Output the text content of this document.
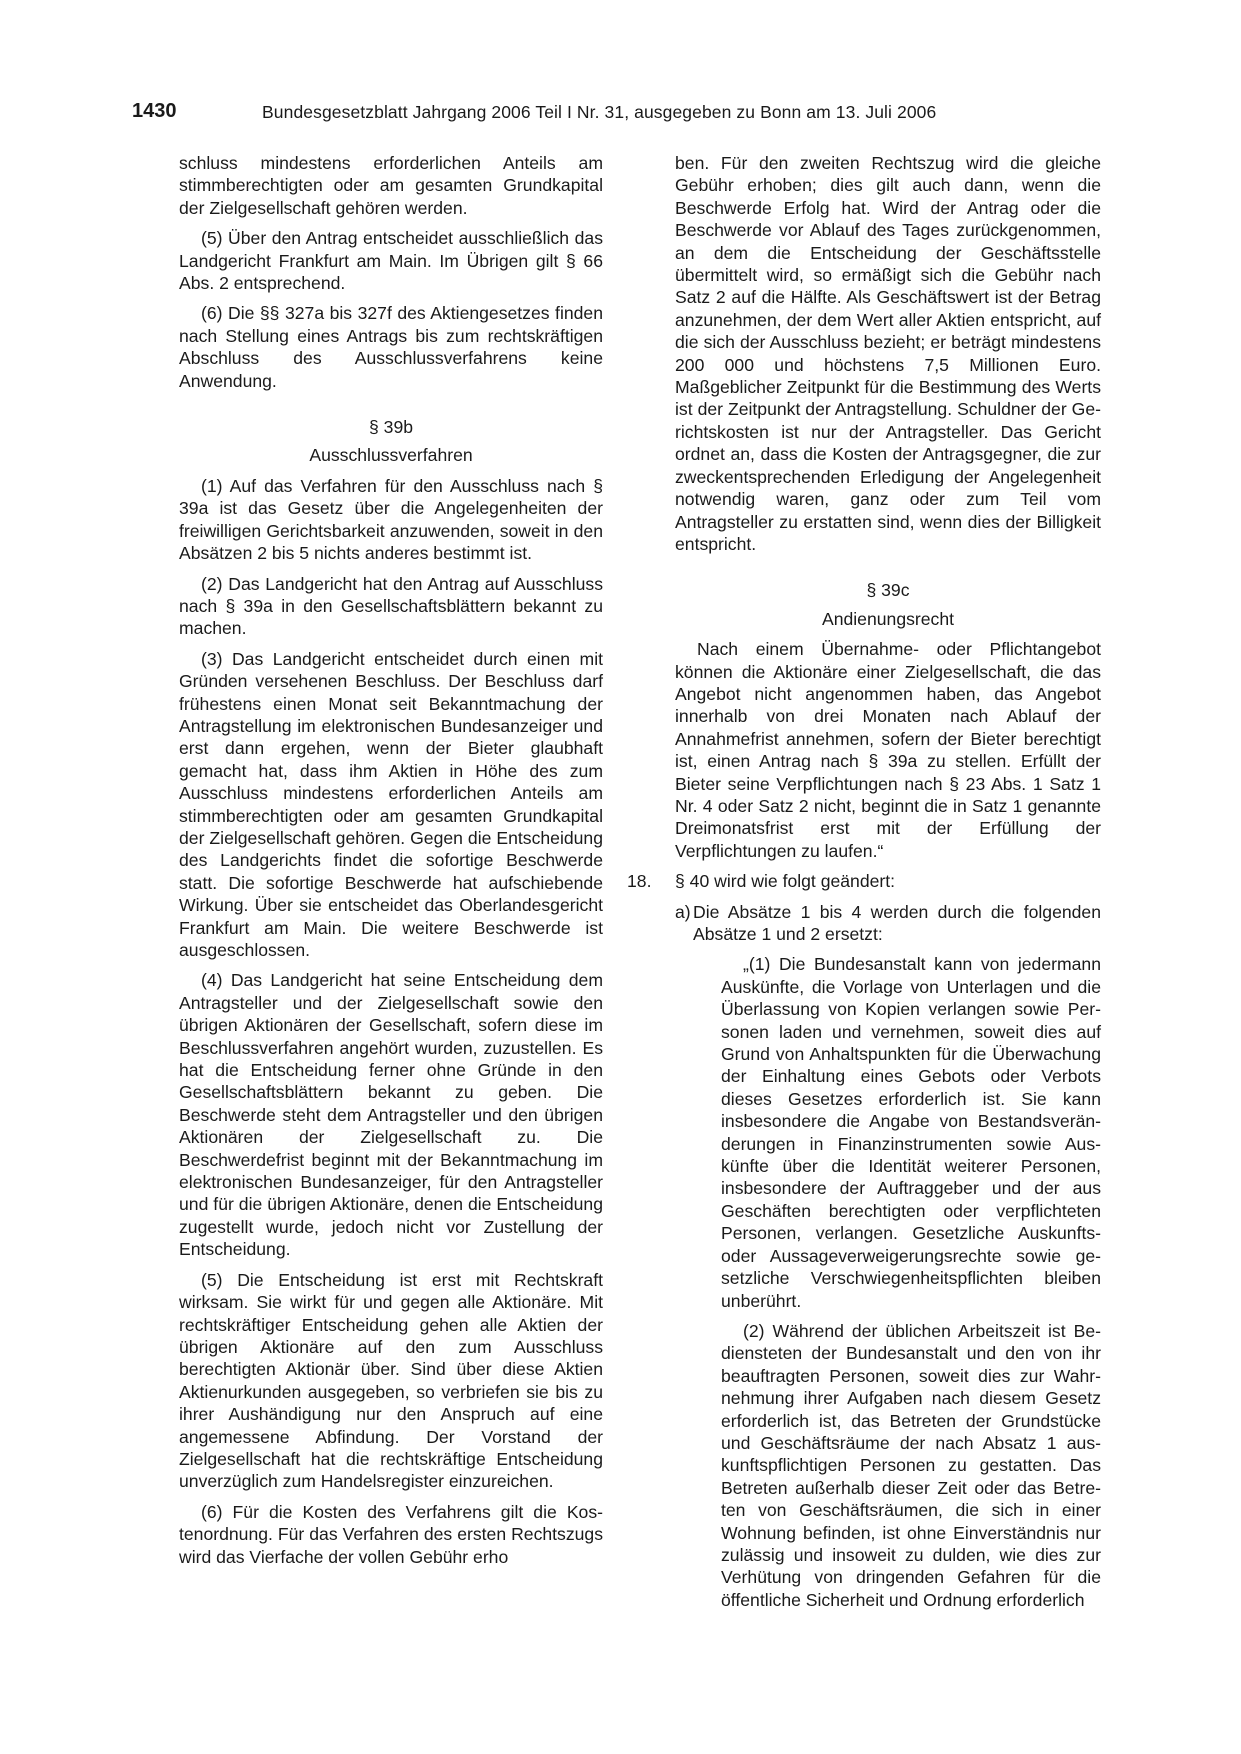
1430	Bundesgesetzblatt Jahrgang 2006 Teil I Nr. 31, ausgegeben zu Bonn am 13. Juli 2006

schluss mindestens erforderlichen Anteils am stimmberechtigten oder am gesamten Grundkapital der Zielgesellschaft gehören werden.

(5) Über den Antrag entscheidet ausschließlich das Landgericht Frankfurt am Main. Im Übrigen gilt § 66 Abs. 2 entsprechend.

(6) Die §§ 327a bis 327f des Aktiengesetzes finden nach Stellung eines Antrags bis zum rechtskräftigen Abschluss des Ausschlussverfahrens keine Anwendung.

§ 39b

Ausschlussverfahren

(1) Auf das Verfahren für den Ausschluss nach § 39a ist das Gesetz über die Angelegenheiten der freiwilligen Gerichtsbarkeit anzuwenden, soweit in den Absätzen 2 bis 5 nichts anderes bestimmt ist.

(2) Das Landgericht hat den Antrag auf Ausschluss nach § 39a in den Gesellschaftsblättern bekannt zu machen.

(3) Das Landgericht entscheidet durch einen mit Gründen versehenen Beschluss. Der Beschluss darf frühestens einen Monat seit Bekanntmachung der Antragstellung im elektronischen Bundesanzeiger und erst dann ergehen, wenn der Bieter glaubhaft gemacht hat, dass ihm Aktien in Höhe des zum Ausschluss mindestens erforderlichen Anteils am stimmberechtigten oder am gesamten Grundkapital der Zielgesellschaft gehören. Gegen die Entscheidung des Landgerichts findet die sofortige Beschwerde statt. Die sofortige Beschwerde hat aufschiebende Wirkung. Über sie entscheidet das Oberlandesgericht Frankfurt am Main. Die weitere Beschwerde ist ausgeschlossen.

(4) Das Landgericht hat seine Entscheidung dem Antragsteller und der Zielgesellschaft sowie den übrigen Aktionären der Gesellschaft, sofern diese im Beschlussverfahren angehört wurden, zuzustellen. Es hat die Entscheidung ferner ohne Gründe in den Gesellschaftsblättern bekannt zu geben. Die Beschwerde steht dem Antragsteller und den übrigen Aktionären der Zielgesellschaft zu. Die Beschwerdefrist beginnt mit der Bekanntmachung im elektronischen Bundesanzeiger, für den Antragsteller und für die übrigen Aktionäre, denen die Entscheidung zugestellt wurde, jedoch nicht vor Zustellung der Entscheidung.

(5) Die Entscheidung ist erst mit Rechtskraft wirksam. Sie wirkt für und gegen alle Aktionäre. Mit rechtskräftiger Entscheidung gehen alle Aktien der übrigen Aktionäre auf den zum Ausschluss berechtigten Aktionär über. Sind über diese Aktien Aktienurkunden ausgegeben, so verbriefen sie bis zu ihrer Aushändigung nur den Anspruch auf eine angemessene Abfindung. Der Vorstand der Zielgesellschaft hat die rechtskräftige Entscheidung unverzüglich zum Handelsregister einzureichen.

(6) Für die Kosten des Verfahrens gilt die Kostenordnung. Für das Verfahren des ersten Rechtszugs wird das Vierfache der vollen Gebühr erho

ben. Für den zweiten Rechtszug wird die gleiche Gebühr erhoben; dies gilt auch dann, wenn die Beschwerde Erfolg hat. Wird der Antrag oder die Beschwerde vor Ablauf des Tages zurückgenommen, an dem die Entscheidung der Geschäftsstelle übermittelt wird, so ermäßigt sich die Gebühr nach Satz 2 auf die Hälfte. Als Geschäftswert ist der Betrag anzunehmen, der dem Wert aller Aktien entspricht, auf die sich der Ausschluss bezieht; er beträgt mindestens 200 000 und höchstens 7,5 Millionen Euro. Maßgeblicher Zeitpunkt für die Bestimmung des Werts ist der Zeitpunkt der Antragstellung. Schuldner der Gerichtskosten ist nur der Antragsteller. Das Gericht ordnet an, dass die Kosten der Antragsgegner, die zur zweckentsprechenden Erledigung der Angelegenheit notwendig waren, ganz oder zum Teil vom Antragsteller zu erstatten sind, wenn dies der Billigkeit entspricht.

§ 39c

Andienungsrecht

Nach einem Übernahme- oder Pflichtangebot können die Aktionäre einer Zielgesellschaft, die das Angebot nicht angenommen haben, das Angebot innerhalb von drei Monaten nach Ablauf der Annahmefrist annehmen, sofern der Bieter berechtigt ist, einen Antrag nach § 39a zu stellen. Erfüllt der Bieter seine Verpflichtungen nach § 23 Abs. 1 Satz 1 Nr. 4 oder Satz 2 nicht, beginnt die in Satz 1 genannte Dreimonatsfrist erst mit der Erfüllung der Verpflichtungen zu laufen.“

18. § 40 wird wie folgt geändert:

a) Die Absätze 1 bis 4 werden durch die folgenden Absätze 1 und 2 ersetzt:

„(1) Die Bundesanstalt kann von jedermann Auskünfte, die Vorlage von Unterlagen und die Überlassung von Kopien verlangen sowie Personen laden und vernehmen, soweit dies auf Grund von Anhaltspunkten für die Überwachung der Einhaltung eines Gebots oder Verbots dieses Gesetzes erforderlich ist. Sie kann insbesondere die Angabe von Bestandsveränderungen in Finanzinstrumenten sowie Auskünfte über die Identität weiterer Personen, insbesondere der Auftraggeber und der aus Geschäften berechtigten oder verpflichteten Personen, verlangen. Gesetzliche Auskunfts- oder Aussageverweigerungsrechte sowie gesetzliche Verschwiegenheitspflichten bleiben unberührt.

(2) Während der üblichen Arbeitszeit ist Bediensteten der Bundesanstalt und den von ihr beauftragten Personen, soweit dies zur Wahrnehmung ihrer Aufgaben nach diesem Gesetz erforderlich ist, das Betreten der Grundstücke und Geschäftsräume der nach Absatz 1 auskunftspflichtigen Personen zu gestatten. Das Betreten außerhalb dieser Zeit oder das Betreten von Geschäftsräumen, die sich in einer Wohnung befinden, ist ohne Einverständnis nur zulässig und insoweit zu dulden, wie dies zur Verhütung von dringenden Gefahren für die öffentliche Sicherheit und Ordnung erforderlich
